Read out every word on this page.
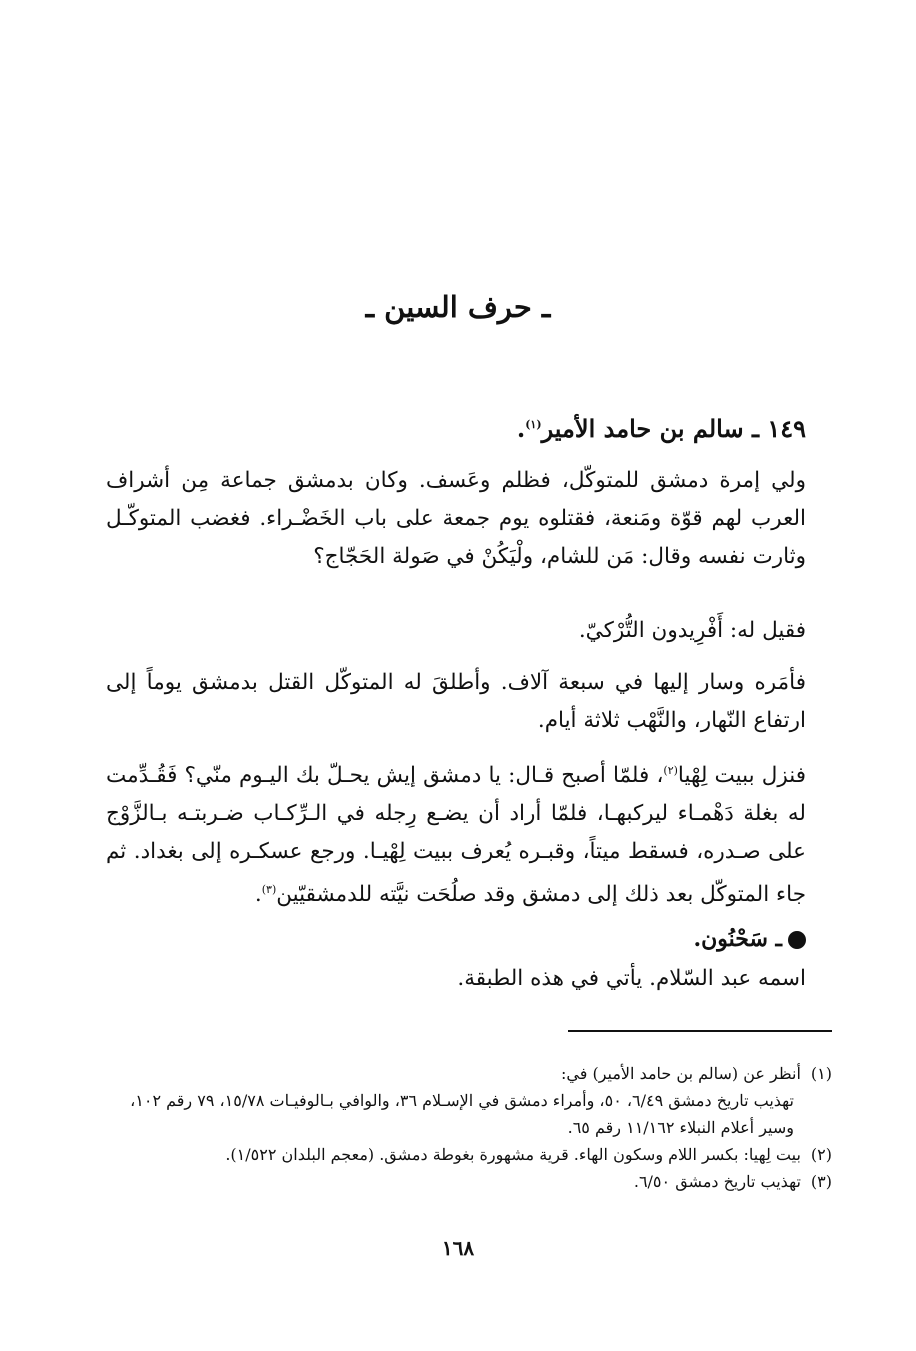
ـ حرف السين ـ
١٤٩ ـ سالم بن حامد الأمير$^{(١)}$.

ولي إمرة دمشق للمتوكّل، فظلم وعَسف. وكان بدمشق جماعة مِن أشراف العرب لهم قوّة ومَنعة، فقتلوه يوم جمعة على باب الخَضْـراء. فغضب المتوكّـل وثارت نفسه وقال: مَن للشام، ولْيَكُنْ في صَولة الحَجّاج؟

فقيل له: أَفْرِيدون التُّرْكيّ.

فأمَره وسار إليها في سبعة آلاف. وأطلقَ له المتوكّل القتل بدمشق يوماً إلى ارتفاع النّهار، والنَّهْب ثلاثة أيام.

فنزل ببيت لِهْيا$^{(٢)}$، فلمّا أصبح قـال: يا دمشق إيش يحـلّ بك اليـوم منّي؟ فَقُـدِّمت له بغلة دَهْمـاء ليركبهـا، فلمّا أراد أن يضـع رِجله في الـرِّكـاب ضـربتـه بـالزَّوْج على صـدره، فسقط ميتاً، وقبـره يُعرف ببيت لِهْيـا. ورجع عسكـره إلى بغداد. ثم جاء المتوكّل بعد ذلك إلى دمشق وقد صلُحَت نيَّته للدمشقيّين$^{(٣)}$.

ـ سَحْنُون.

اسمه عبد السّلام. يأتي في هذه الطبقة.

(١)أنظر عن (سالم بن حامد الأمير) في:

تهذيب تاريخ دمشق ٦/٤٩، ٥٠، وأمراء دمشق في الإسـلام ٣٦، والوافي بـالوفيـات ١٥/٧٨، ٧٩ رقم ١٠٢، وسير أعلام النبلاء ١١/١٦٢ رقم ٦٥.

(٢)بيت لِهيا: بكسر اللام وسكون الهاء. قرية مشهورة بغوطة دمشق. (معجم البلدان ١/٥٢٢).

(٣)تهذيب تاريخ دمشق ٦/٥٠.

١٦٨
